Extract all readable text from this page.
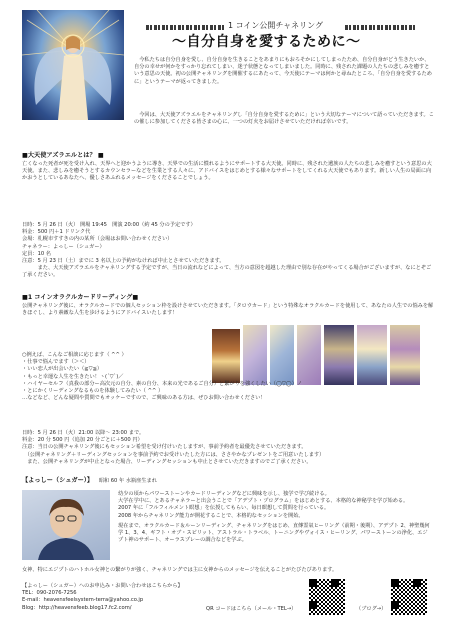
1 コイン公開チャネリング
〜自分自身を愛するために〜
今私たちは自分自身を愛し、自分自身を生きることをあまりにもおろそかにしてしまったため、自分自身がどう生きたいか、自分の幸せが何かをすっかり忘れてしまい、迷子状態となってしまいました。同時に、残された課題の人たちの悲しみを癒すという意思の天使。初の公開チャネリングを開催するにあたって、今天使にテーマは何かと尋ねたところ、「自分自身を愛するために」というテーマが返ってきました。
今回は、大天使アズラエルをチャネリングし「自分自身を愛するために」という大切なテーマについて語っていただきます。この催しに参加してくださる皆さまの心に、一つの灯火をお届けさせていただければ幸いです。

■大天使アズラエルとは？ ■

亡くなった死者が死を受け入れ、天界へと迎かうように導き、天界での生活に慣れるようにサポートする大天使。同時に、残された遺族の人たちの悲しみを癒すという意思の大天使。また、悲しみを癒そうとするカウンセラーなどを生業とする人々に、アドバイスをはじめとする様々なサポートをしてくれる大天使でもあります。新しい人生の局面に向かおうとしているあなたへ、優しさあふれるメッセージをくださることでしょう。

日時：5 月 26 日（火） 開場 19:45　開演 20:00（約 45 分の予定です）

料金：500 円＋1 ドリンク代

会場：札幌市すすきの内の某所（会場はお問い合わせください）

チャネラー：よっしー（シュガー）

定員：10 名

注意：5 月 23 日（土）までに 3 名以上の予約がなければ中止とさせていただきます。

　　　また、大天使アズラエルをチャネリングする予定ですが、当日の流れなどによって、当方の意図を超越した理由で別な存在がやってくる場合がございますが、なにとぞご了承ください。

■1 コインオラクルカードリーディング■

公開チャネリング後に、オラクルカードでの個人セッション枠を設けさせていただきます。「タロウカード」という特殊なオラクルカードを使用して、あなたの人生での悩みを解きほぐし、より素敵な人生を歩けるようにアドバイスいたします！

○例えば、こんなご相談に応じます（ ^^ ）

・仕事で悩んでます（＞＜）

・いい恋人が出会いたい（≧▽≦）

・もっと幸運な人生を生きたい！ヽ(´▽`)／

・ハイヤーセルフ（真我の部分ー高次元の自分、素の自分、本来の光であるご自分）と繋がりを強くしたい（◯▽◯）ノ

・とにかくリーディングなるものを体験してみたい（ ^^ ）

…などなど、どんな疑問や質問でもオッケーですので、ご興味のある方は、ぜひお問い合わせください！

日時：5 月 26 日（火）21:00 以降〜 23:00 まで。

料金：20 分 500 円（追加 20 分ごとに＋500 円）

注意：当日の公開チャネリング後にもセッション希望を受け付けいたしますが、事前予約者を最優先させていただきます。

　（公開チャネリング＋リーディングセッションを事前予約でお受けいたした方には、ささやかなプレゼントをご用意いたします）

　また、公開チャネリングが中止となった場合、リーディングセッションも中止とさせていただきますのでご了承ください。

【よっしー（シュガー）】 昭和 60 年 水瓶座生まれ

幼少の頃からパワーストーンやカードリーディングなどに興味を示し、独学で学び続ける。

大学在学中に、とあるチャネラーと出会うことで「アデプト・プログラム」をはじめとする、本格的な神秘学を学び始める。

2007 年に「フルフィルメント瞑想」を伝授してもらい、毎日瞑想して質問を行っている。

2008 年からチャネリング能力が開花することで、本格的なセッションを開始。

現在まで、オラクルカード＆ルーンリーディング、チャネリングをはじめ、直傳霊氣ヒーリング（前期・後期）、アデプト 2、神聖幾何学 1、3、4、ギフト・オブ・スピリット、アストラル・トラベル、トーニングやヴォイス・ヒーリング、パワーストーンの浄化、エジプト神のサポート、オーラスプレーの調合などを学ぶ。

女神、特にエジプトのハトホル女神との繋がりが強く、チャネリングでは主に女神からのメッセージを伝えることがたびたびあります。

【よっしー（シュガー）へのお申込み・お問い合わせはこちらから】

TEL：090-2076-7256

E-mail：heavensfeelsystem-terra@yahoo.co.jp

Blog：http://heavensfeeb.blog17.fc2.com/	QR コードはこちら（メール・TEL→）	（ブログ→）
